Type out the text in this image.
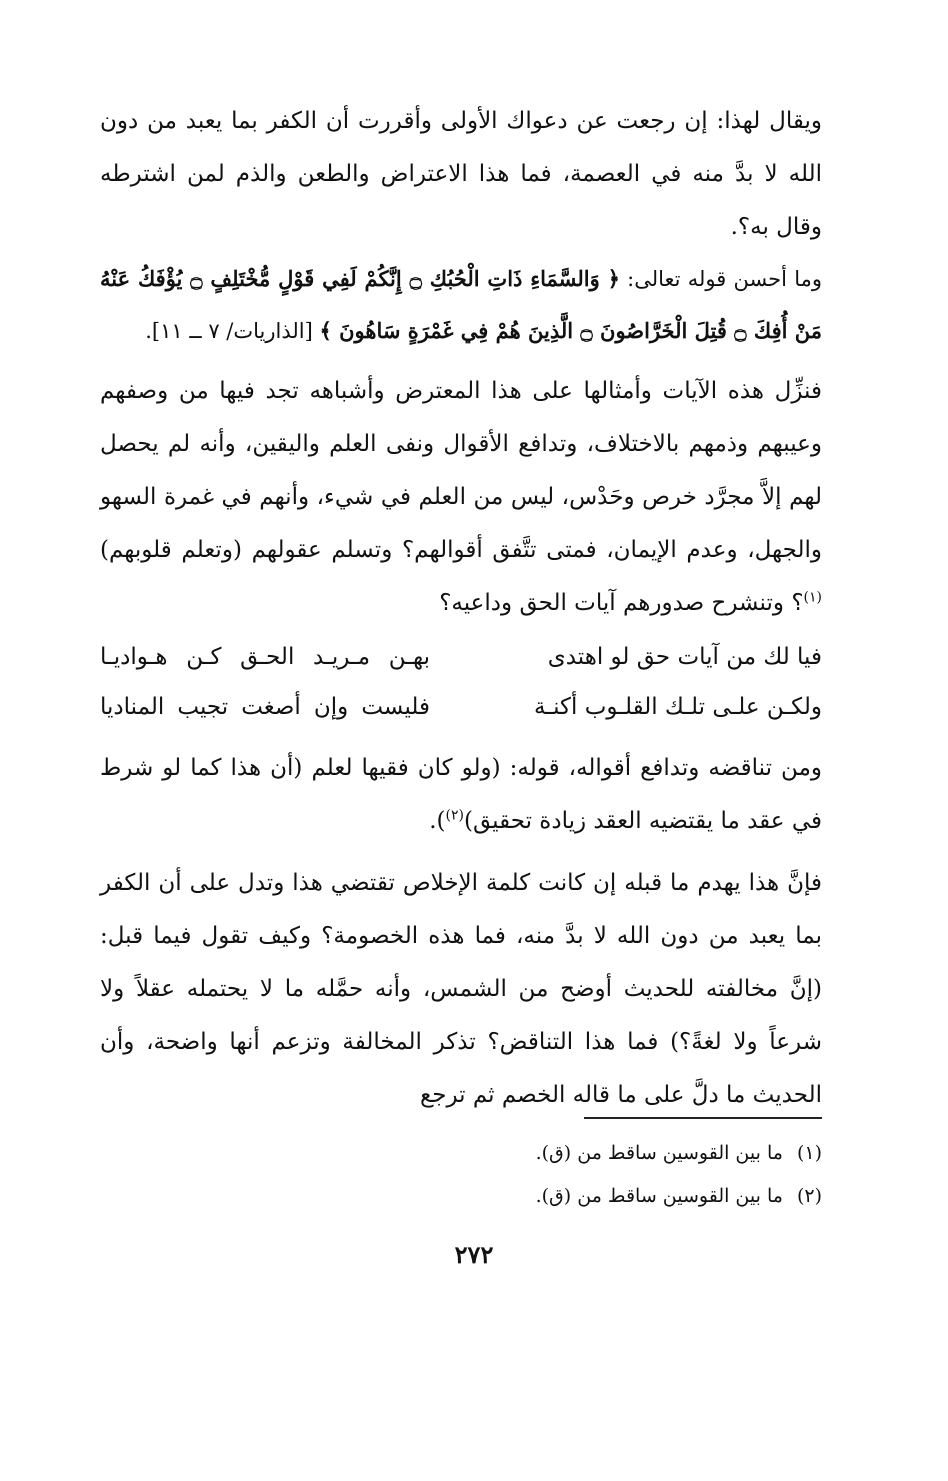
ويقال لهذا: إن رجعت عن دعواك الأولى وأقررت أن الكفر بما يعبد من دون الله لا بدَّ منه في العصمة، فما هذا الاعتراض والطعن والذم لمن اشترطه وقال به؟.

وما أحسن قوله تعالى: ﴿ وَالسَّمَاءِ ذَاتِ الْحُبُكِ ۝ إِنَّكُمْ لَفِي قَوْلٍ مُّخْتَلِفٍ ۝ يُؤْفَكُ عَنْهُ مَنْ أُفِكَ ۝ قُتِلَ الْخَرَّاصُونَ ۝ الَّذِينَ هُمْ فِي غَمْرَةٍ سَاهُونَ ﴾ [الذاريات/ ٧ ــ ١١].

فنزِّل هذه الآيات وأمثالها على هذا المعترض وأشباهه تجد فيها من وصفهم وعيبهم وذمهم بالاختلاف، وتدافع الأقوال ونفى العلم واليقين، وأنه لم يحصل لهم إلاَّ مجرَّد خرص وحَدْس، ليس من العلم في شيء، وأنهم في غمرة السهو والجهل، وعدم الإيمان، فمتى تتَّفق أقوالهم؟ وتسلم عقولهم (وتعلم قلوبهم)$^{(١)}$؟ وتنشرح صدورهم آيات الحق وداعيه؟

فيا لك من آيات حق لو اهتدى
بهـن مـريـد الحـق كـن هـواديـا
ولكـن علـى تلـك القلـوب أكنـة
فليست وإن أصغت تجيب المناديا

ومن تناقضه وتدافع أقواله، قوله: (ولو كان فقيها لعلم (أن هذا كما لو شرط في عقد ما يقتضيه العقد زيادة تحقيق)$^{(٢)}$).

فإنَّ هذا يهدم ما قبله إن كانت كلمة الإخلاص تقتضي هذا وتدل على أن الكفر بما يعبد من دون الله لا بدَّ منه، فما هذه الخصومة؟ وكيف تقول فيما قبل: (إنَّ مخالفته للحديث أوضح من الشمس، وأنه حمَّله ما لا يحتمله عقلاً ولا شرعاً ولا لغةً؟) فما هذا التناقض؟ تذكر المخالفة وتزعم أنها واضحة، وأن الحديث ما دلَّ على ما قاله الخصم ثم ترجع

(١)
ما بين القوسين ساقط من (ق).
(٢)
ما بين القوسين ساقط من (ق).
٢٧٢
